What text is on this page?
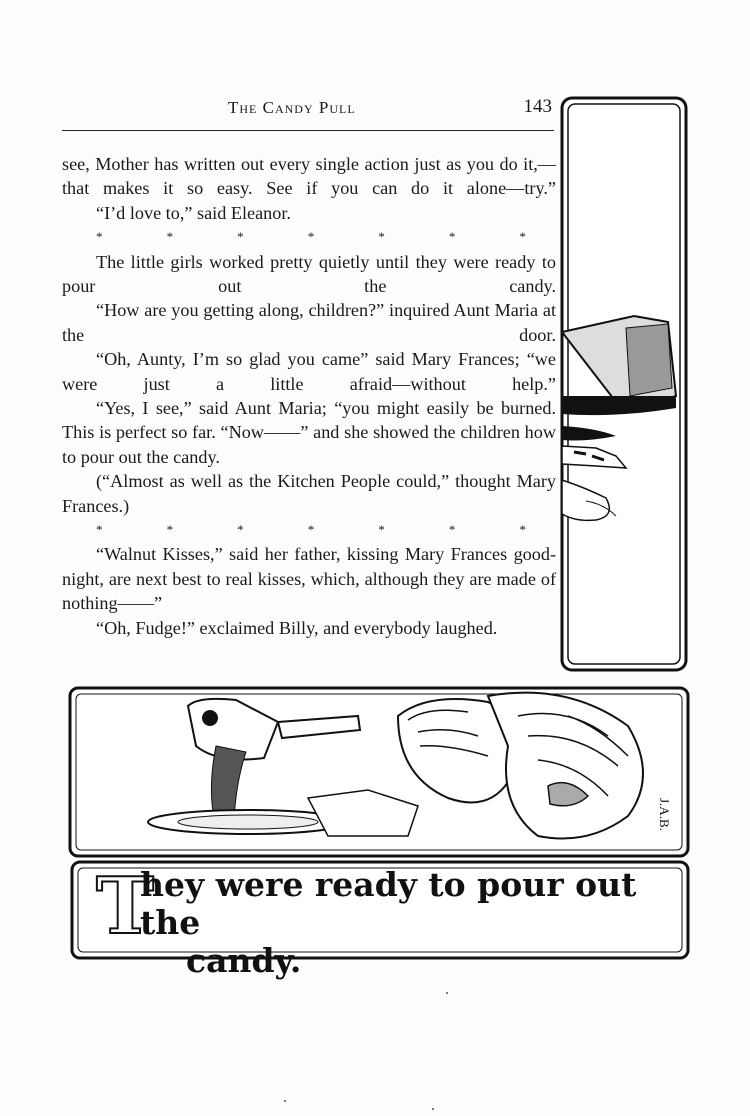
The Candy Pull	143

see, Mother has written out every single action just as you do it,—that makes it so easy. See if you can do it alone—try.”

“I’d love to,” said Eleanor.

*	*	*	*	*	*	*

The little girls worked pretty quietly until they were ready to pour out the candy.

“How are you getting along, children?” inquired Aunt Maria at the door.

“Oh, Aunty, I’m so glad you came” said Mary Frances; “we were just a little afraid—without help.”

“Yes, I see,” said Aunt Maria; “you might easily be burned. This is perfect so far. “Now——” and she showed the children how to pour out the candy.

(“Almost as well as the Kitchen People could,” thought Mary Frances.)

*	*	*	*	*	*	*

“Walnut Kisses,” said her father, kissing Mary Frances good-night, are next best to real kisses, which, although they are made of nothing——”

“Oh, Fudge!” exclaimed Billy, and everybody laughed.

J.A.B.
T
hey were ready to pour out the
candy.
